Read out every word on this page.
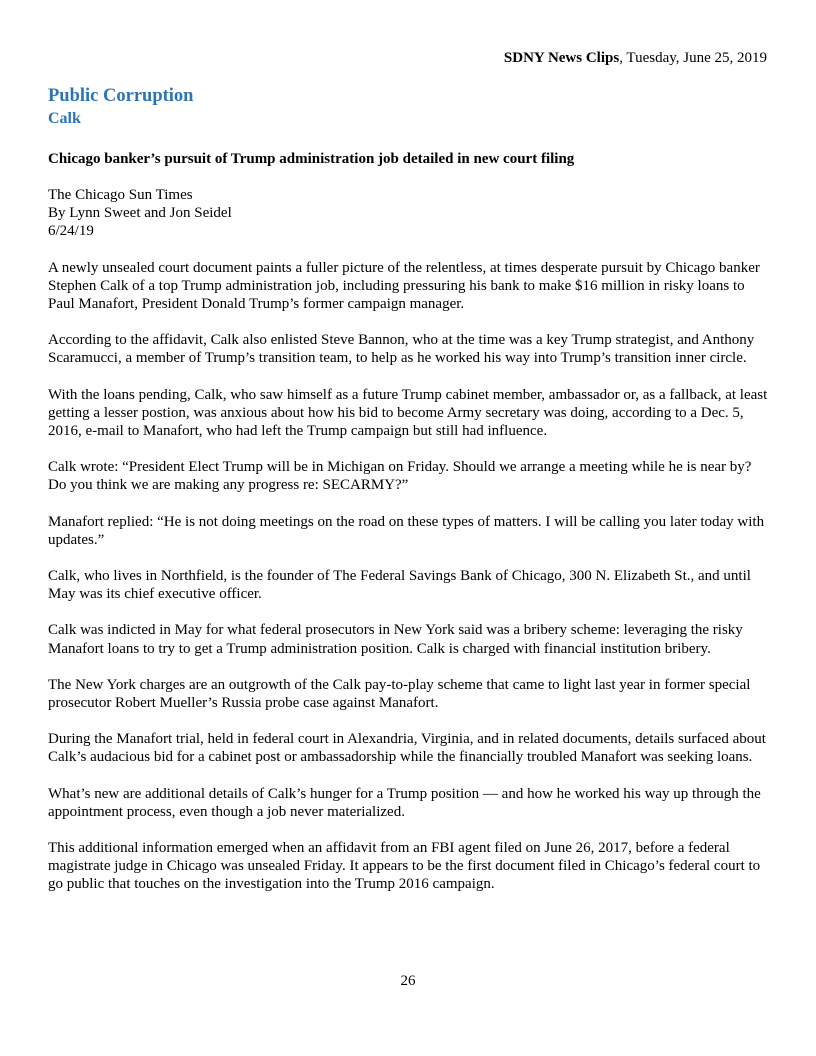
SDNY News Clips, Tuesday, June 25, 2019
Public Corruption
Calk
Chicago banker’s pursuit of Trump administration job detailed in new court filing
The Chicago Sun Times
By Lynn Sweet and Jon Seidel
6/24/19

A newly unsealed court document paints a fuller picture of the relentless, at times desperate pursuit by Chicago banker Stephen Calk of a top Trump administration job, including pressuring his bank to make $16 million in risky loans to Paul Manafort, President Donald Trump’s former campaign manager.

According to the affidavit, Calk also enlisted Steve Bannon, who at the time was a key Trump strategist, and Anthony Scaramucci, a member of Trump’s transition team, to help as he worked his way into Trump’s transition inner circle.

With the loans pending, Calk, who saw himself as a future Trump cabinet member, ambassador or, as a fallback, at least getting a lesser postion, was anxious about how his bid to become Army secretary was doing, according to a Dec. 5, 2016, e-mail to Manafort, who had left the Trump campaign but still had influence.

Calk wrote: “President Elect Trump will be in Michigan on Friday. Should we arrange a meeting while he is near by? Do you think we are making any progress re: SECARMY?”

Manafort replied: “He is not doing meetings on the road on these types of matters. I will be calling you later today with updates.”

Calk, who lives in Northfield, is the founder of The Federal Savings Bank of Chicago, 300 N. Elizabeth St., and until May was its chief executive officer.

Calk was indicted in May for what federal prosecutors in New York said was a bribery scheme: leveraging the risky Manafort loans to try to get a Trump administration position. Calk is charged with financial institution bribery.

The New York charges are an outgrowth of the Calk pay-to-play scheme that came to light last year in former special prosecutor Robert Mueller’s Russia probe case against Manafort.

During the Manafort trial, held in federal court in Alexandria, Virginia, and in related documents, details surfaced about Calk’s audacious bid for a cabinet post or ambassadorship while the financially troubled Manafort was seeking loans.

What’s new are additional details of Calk’s hunger for a Trump position — and how he worked his way up through the appointment process, even though a job never materialized.

This additional information emerged when an affidavit from an FBI agent filed on June 26, 2017, before a federal magistrate judge in Chicago was unsealed Friday. It appears to be the first document filed in Chicago’s federal court to go public that touches on the investigation into the Trump 2016 campaign.

26
